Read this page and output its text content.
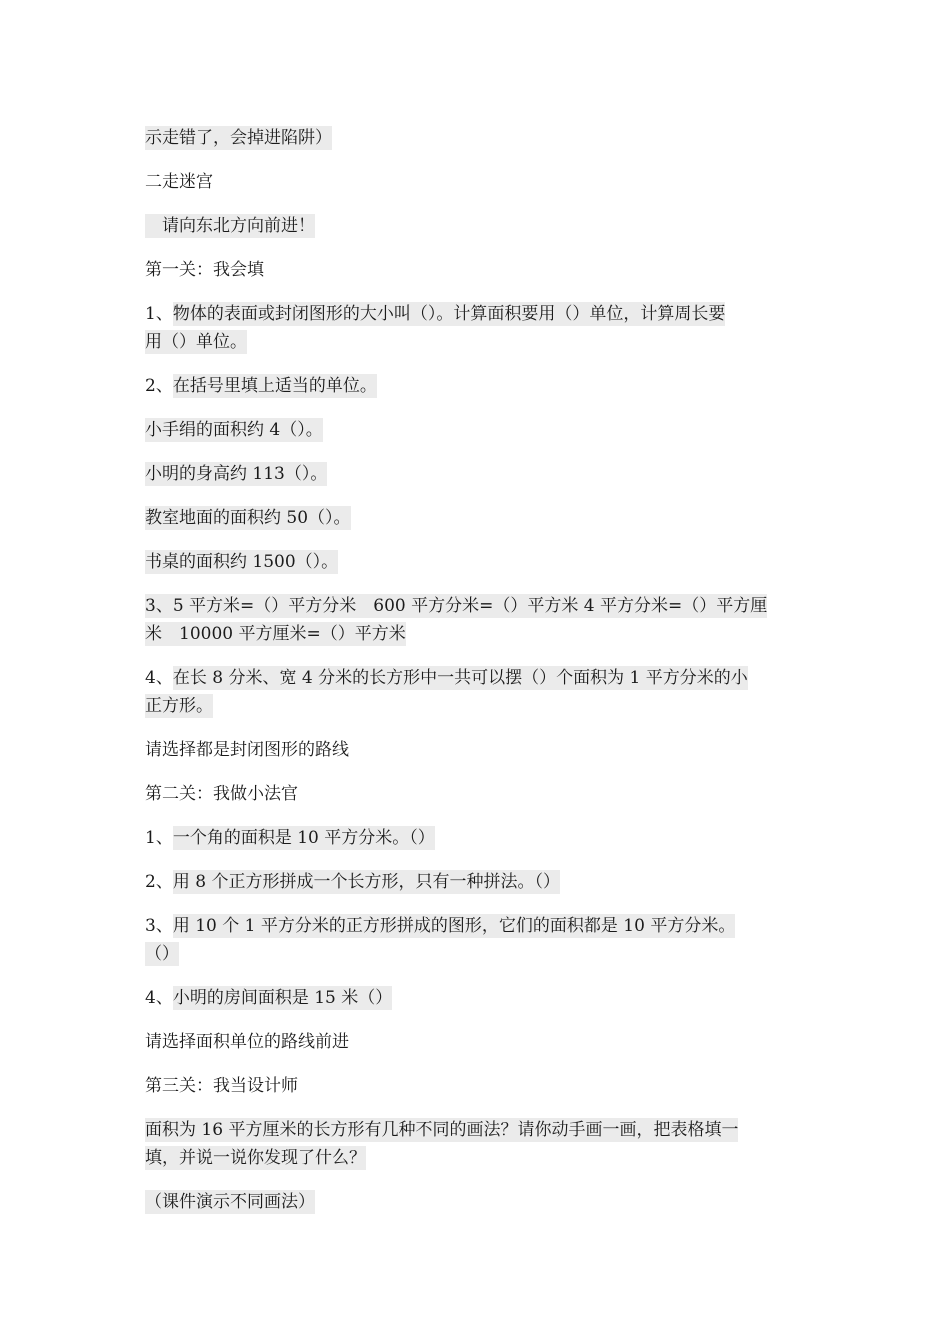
示走错了，会掉进陷阱）
二走迷宫
　请向东北方向前进！
第一关：我会填
1、物体的表面或封闭图形的大小叫（）。计算面积要用（）单位，计算周长要
用（）单位。
2、在括号里填上适当的单位。
小手绢的面积约 4（）。
小明的身高约 113（）。
教室地面的面积约 50（）。
书桌的面积约 1500（）。
3、5 平方米=（）平方分米　600 平方分米=（）平方米 4 平方分米=（）平方厘
米　10000 平方厘米=（）平方米
4、在长 8 分米、宽 4 分米的长方形中一共可以摆（）个面积为 1 平方分米的小
正方形。
请选择都是封闭图形的路线
第二关：我做小法官
1、一个角的面积是 10 平方分米。（）
2、用 8 个正方形拼成一个长方形，只有一种拼法。（）
3、用 10 个 1 平方分米的正方形拼成的图形，它们的面积都是 10 平方分米。
（）
4、小明的房间面积是 15 米（）
请选择面积单位的路线前进
第三关：我当设计师
面积为 16 平方厘米的长方形有几种不同的画法？请你动手画一画，把表格填一
填，并说一说你发现了什么？
（课件演示不同画法）
